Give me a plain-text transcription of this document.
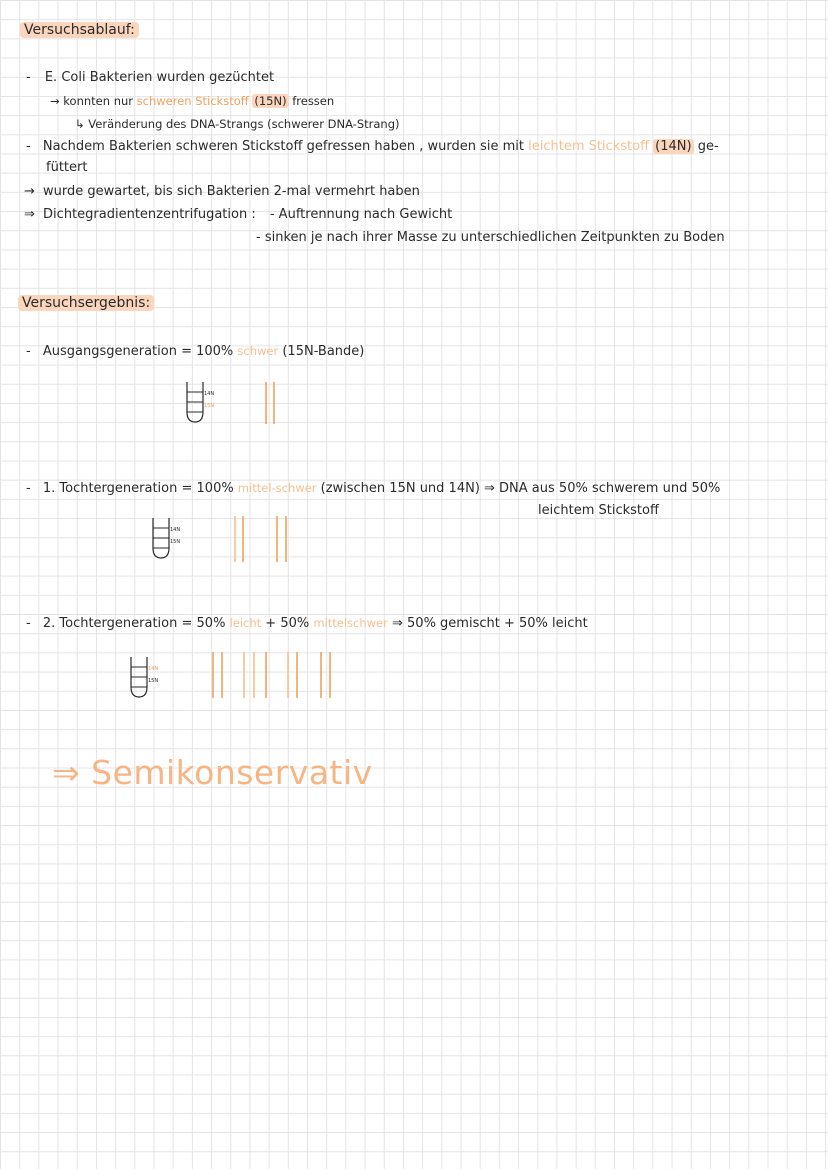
Versuchsablauf:
- E. Coli Bakterien wurden gezüchtet
→ konnten nur schweren Stickstoff (15N) fressen
↳ Veränderung des DNA-Strangs (schwerer DNA-Strang)
- Nachdem Bakterien schweren Stickstoff gefressen haben , wurden sie mit leichtem Stickstoff (14N) ge-
füttert
→ wurde gewartet, bis sich Bakterien 2-mal vermehrt haben
⇒ Dichtegradientenzentrifugation : - Auftrennung nach Gewicht
- sinken je nach ihrer Masse zu unterschiedlichen Zeitpunkten zu Boden
Versuchsergebnis:
- Ausgangsgeneration = 100% schwer (15N-Bande)
14N
15N
- 1. Tochtergeneration = 100% mittel-schwer (zwischen 15N und 14N) ⇒ DNA aus 50% schwerem und 50%
leichtem Stickstoff
14N
15N
- 2. Tochtergeneration = 50% leicht + 50% mittelschwer ⇒ 50% gemischt + 50% leicht
14N
15N
⇒ Semikonservativ
